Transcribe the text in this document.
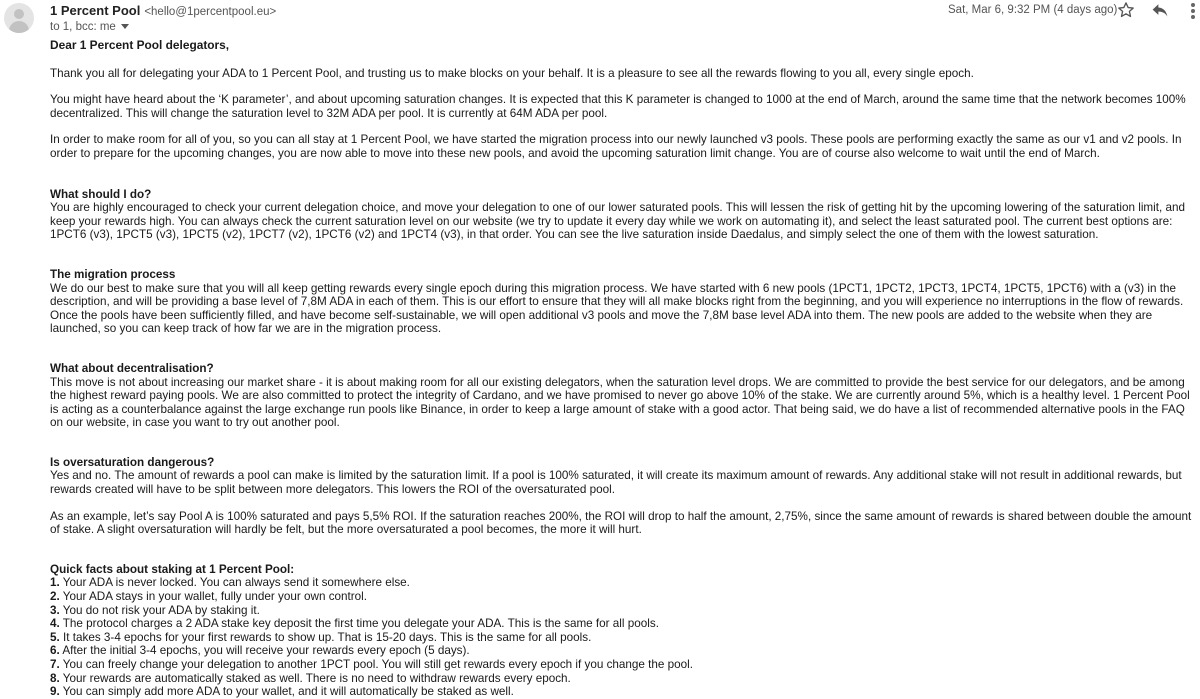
1 Percent Pool <hello@1percentpool.eu>
to 1, bcc: me
Sat, Mar 6, 9:32 PM (4 days ago)

Dear 1 Percent Pool delegators,

Thank you all for delegating your ADA to 1 Percent Pool, and trusting us to make blocks on your behalf. It is a pleasure to see all the rewards flowing to you all, every single epoch.

You might have heard about the ‘K parameter’, and about upcoming saturation changes. It is expected that this K parameter is changed to 1000 at the end of March, around the same time that the network becomes 100% decentralized. This will change the saturation level to 32M ADA per pool. It is currently at 64M ADA per pool.

In order to make room for all of you, so you can all stay at 1 Percent Pool, we have started the migration process into our newly launched v3 pools. These pools are performing exactly the same as our v1 and v2 pools. In order to prepare for the upcoming changes, you are now able to move into these new pools, and avoid the upcoming saturation limit change. You are of course also welcome to wait until the end of March.

What should I do?

You are highly encouraged to check your current delegation choice, and move your delegation to one of our lower saturated pools. This will lessen the risk of getting hit by the upcoming lowering of the saturation limit, and keep your rewards high. You can always check the current saturation level on our website (we try to update it every day while we work on automating it), and select the least saturated pool. The current best options are: 1PCT6 (v3), 1PCT5 (v3), 1PCT5 (v2), 1PCT7 (v2), 1PCT6 (v2) and 1PCT4 (v3), in that order. You can see the live saturation inside Daedalus, and simply select the one of them with the lowest saturation.

The migration process

We do our best to make sure that you will all keep getting rewards every single epoch during this migration process. We have started with 6 new pools (1PCT1, 1PCT2, 1PCT3, 1PCT4, 1PCT5, 1PCT6) with a (v3) in the description, and will be providing a base level of 7,8M ADA in each of them. This is our effort to ensure that they will all make blocks right from the beginning, and you will experience no interruptions in the flow of rewards. Once the pools have been sufficiently filled, and have become self-sustainable, we will open additional v3 pools and move the 7,8M base level ADA into them. The new pools are added to the website when they are launched, so you can keep track of how far we are in the migration process.

What about decentralisation?

This move is not about increasing our market share - it is about making room for all our existing delegators, when the saturation level drops. We are committed to provide the best service for our delegators, and be among the highest reward paying pools. We are also committed to protect the integrity of Cardano, and we have promised to never go above 10% of the stake. We are currently around 5%, which is a healthy level. 1 Percent Pool is acting as a counterbalance against the large exchange run pools like Binance, in order to keep a large amount of stake with a good actor. That being said, we do have a list of recommended alternative pools in the FAQ on our website, in case you want to try out another pool.

Is oversaturation dangerous?

Yes and no. The amount of rewards a pool can make is limited by the saturation limit. If a pool is 100% saturated, it will create its maximum amount of rewards. Any additional stake will not result in additional rewards, but rewards created will have to be split between more delegators. This lowers the ROI of the oversaturated pool.

As an example, let’s say Pool A is 100% saturated and pays 5,5% ROI. If the saturation reaches 200%, the ROI will drop to half the amount, 2,75%, since the same amount of rewards is shared between double the amount of stake. A slight oversaturation will hardly be felt, but the more oversaturated a pool becomes, the more it will hurt.

Quick facts about staking at 1 Percent Pool:

1. Your ADA is never locked. You can always send it somewhere else.

2. Your ADA stays in your wallet, fully under your own control.

3. You do not risk your ADA by staking it.

4. The protocol charges a 2 ADA stake key deposit the first time you delegate your ADA. This is the same for all pools.

5. It takes 3-4 epochs for your first rewards to show up. That is 15-20 days. This is the same for all pools.

6. After the initial 3-4 epochs, you will receive your rewards every epoch (5 days).

7. You can freely change your delegation to another 1PCT pool. You will still get rewards every epoch if you change the pool.

8. Your rewards are automatically staked as well. There is no need to withdraw rewards every epoch.

9. You can simply add more ADA to your wallet, and it will automatically be staked as well.
